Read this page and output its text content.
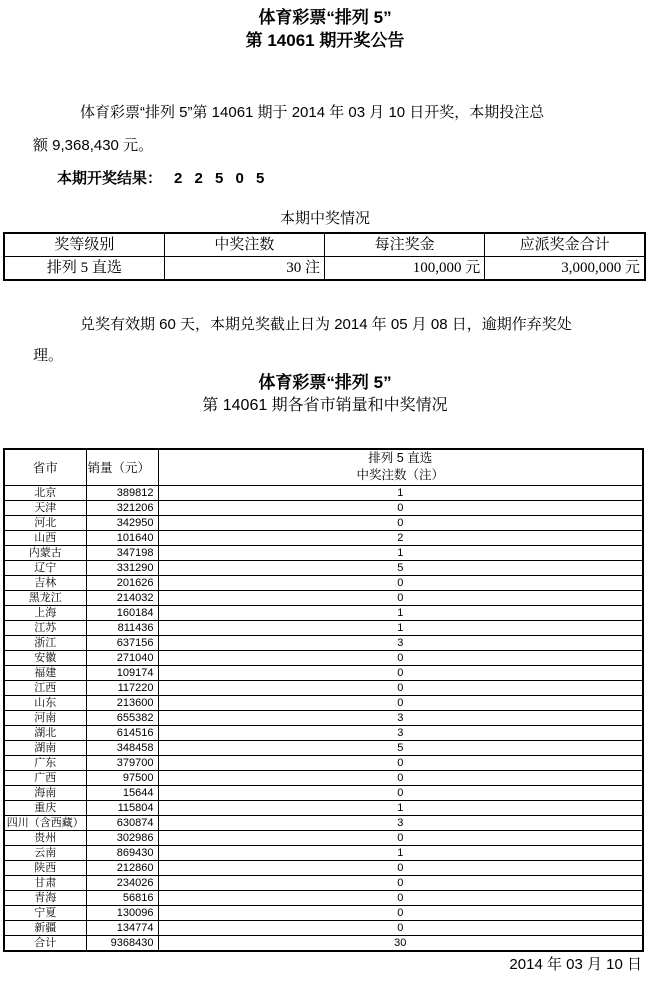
体育彩票“排列 5”
第 14061 期开奖公告
体育彩票“排列 5”第 14061 期于 2014 年 03 月 10 日开奖，本期投注总
额 9,368,430 元。
本期开奖结果： 2 2 5 0 5
本期中奖情况
奖等级别	中奖注数	每注奖金	应派奖金合计
排列 5 直选	30 注	100,000 元	3,000,000 元
兑奖有效期 60 天，本期兑奖截止日为 2014 年 05 月 08 日，逾期作弃奖处
理。
体育彩票“排列 5”
第 14061 期各省市销量和中奖情况
省市	销量（元）	排列 5 直选
中奖注数（注）

北京	389812	1
天津	321206	0
河北	342950	0
山西	101640	2
内蒙古	347198	1
辽宁	331290	5
吉林	201626	0
黑龙江	214032	0
上海	160184	1
江苏	811436	1
浙江	637156	3
安徽	271040	0
福建	109174	0
江西	117220	0
山东	213600	0
河南	655382	3
湖北	614516	3
湖南	348458	5
广东	379700	0
广西	97500	0
海南	15644	0
重庆	115804	1
四川（含西藏）	630874	3
贵州	302986	0
云南	869430	1
陕西	212860	0
甘肃	234026	0
青海	56816	0
宁夏	130096	0
新疆	134774	0
合计	9368430	30
2014 年 03 月 10 日
